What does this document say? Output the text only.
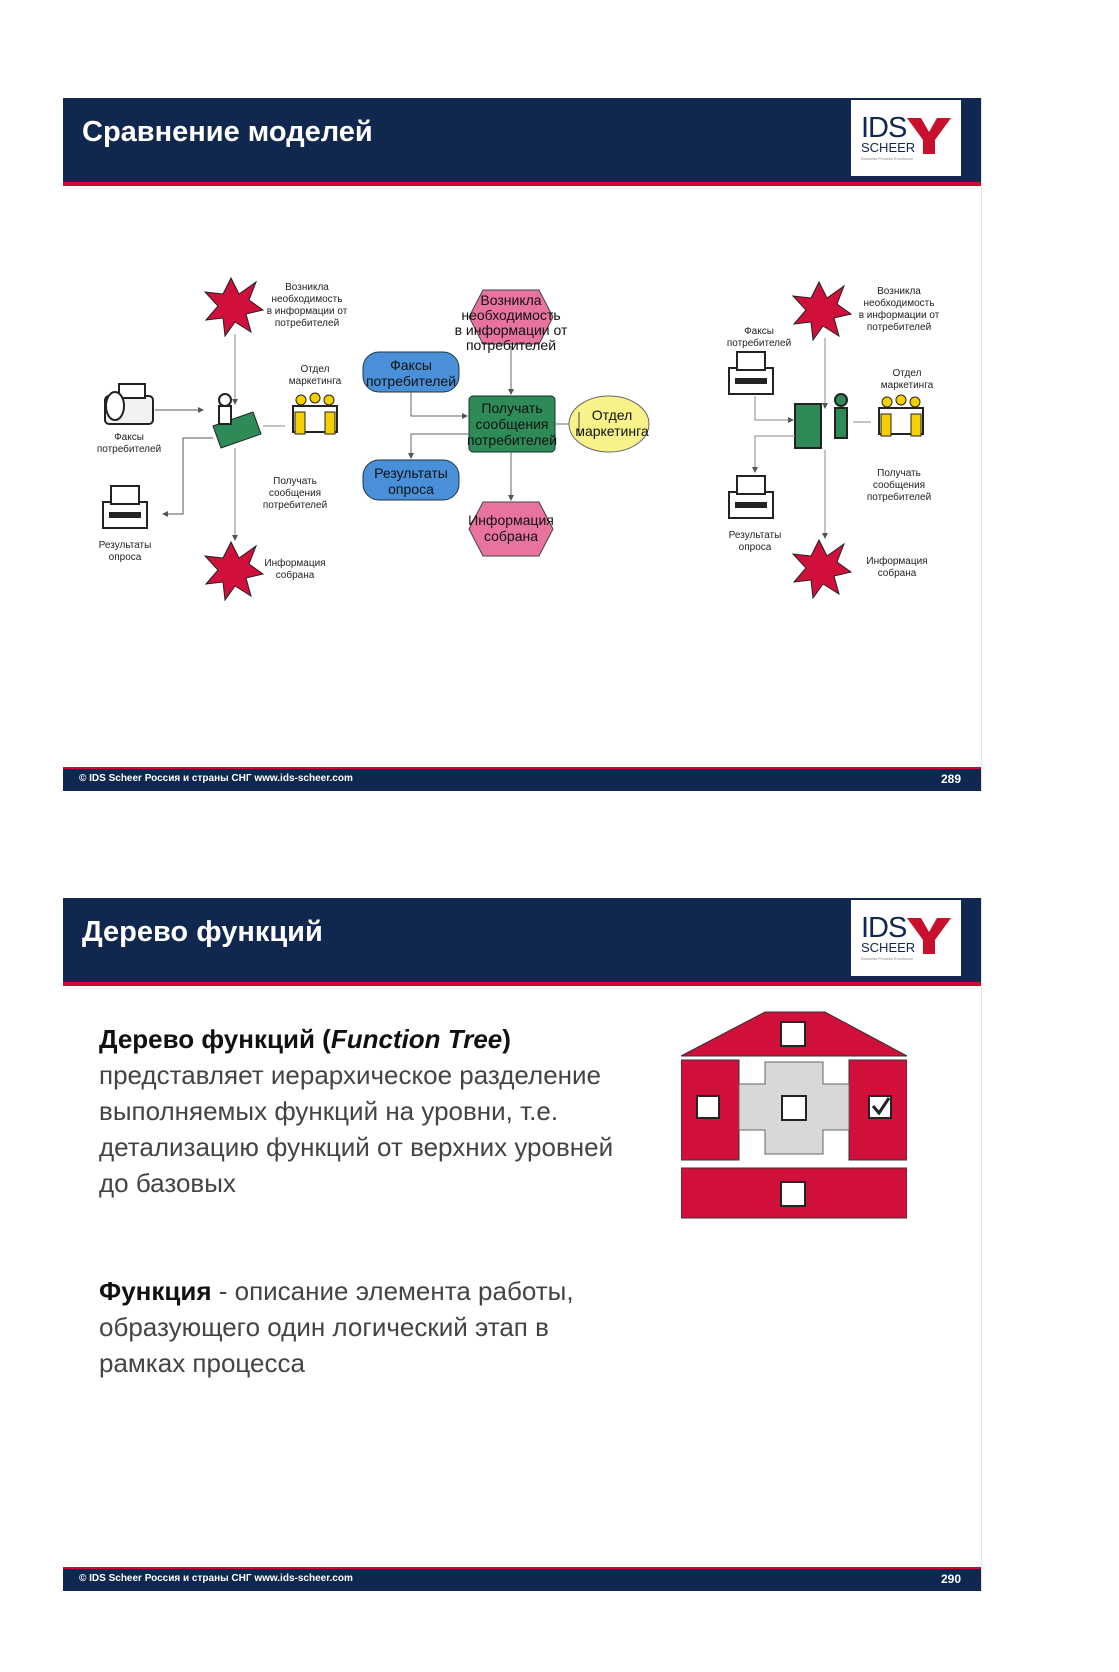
Сравнение моделей	IDS
SCHEER
Business Process Excellence
Возникла необходимость в информации от потребителей
Факсы потребителей
Отдел маркетинга
Получать сообщения потребителей
Результаты опроса
Информация собрана
Возникла необходимость в информации от потребителей
Факсы потребителей
Получать сообщения потребителей
Отдел маркетинга
Результаты опроса
Информация собрана
Возникла необходимость в информации от потребителей
Факсы потребителей
Отдел маркетинга
Получать сообщения потребителей
Результаты опроса
Информация собрана
© IDS Scheer Россия и страны СНГ www.ids-scheer.com	289
Дерево функций	IDS
SCHEER
Business Process Excellence
Дерево функций (Function Tree)
представляет иерархическое разделение
выполняемых функций на уровни, т.е.
детализацию функций от верхних уровней
до базовых
Функция - описание элемента работы,
образующего один логический этап в
рамках процесса
© IDS Scheer Россия и страны СНГ www.ids-scheer.com	290
